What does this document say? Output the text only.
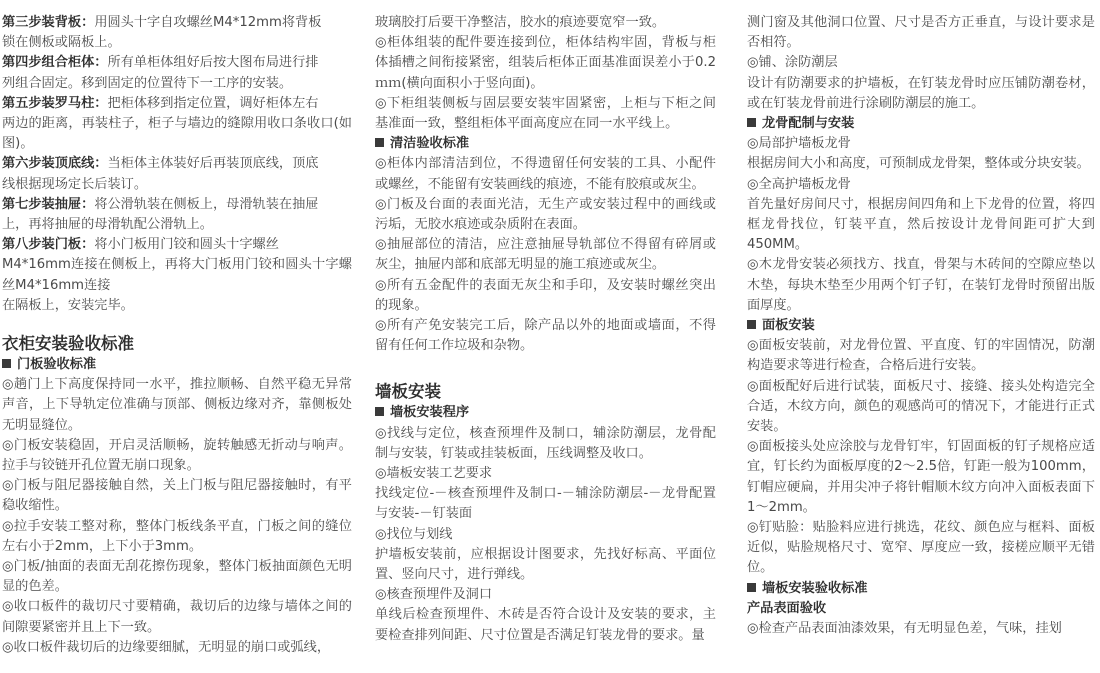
第三步装背板：用圆头十字自攻螺丝M4*12mm将背板
锁在侧板或隔板上。

第四步组合柜体：所有单柜体组好后按大图布局进行排
列组合固定。移到固定的位置待下一工序的安装。

第五步装罗马柱：把柜体移到指定位置，调好柜体左右
两边的距离，再装柱子，柜子与墙边的缝隙用收口条收口(如图)。

第六步装顶底线：当柜体主体装好后再装顶底线，顶底
线根据现场定长后装订。

第七步装抽屉：将公滑轨装在侧板上，母滑轨装在抽屉
上，再将抽屉的母滑轨配公滑轨上。

第八步装门板：将小门板用门铰和圆头十字螺丝
M4*16mm连接在侧板上，再将大门板用门铰和圆头十字螺丝M4*16mm连接
在隔板上，安装完毕。

衣柜安装验收标准
门板验收标准

◎趟门上下高度保持同一水平，推拉顺畅、自然平稳无异常声音，上下导轨定位准确与顶部、侧板边缘对齐，靠侧板处无明显缝位。

◎门板安装稳固，开启灵活顺畅，旋转触感无折动与响声。拉手与铰链开孔位置无崩口现象。

◎门板与阻尼器接触自然，关上门板与阻尼器接触时，有平稳收缩性。

◎拉手安装工整对称，整体门板线条平直，门板之间的缝位左右小于2mm，上下小于3mm。

◎门板/抽面的表面无刮花擦伤现象，整体门板抽面颜色无明显的色差。

◎收口板件的裁切尺寸要精确，裁切后的边缘与墙体之间的间隙要紧密并且上下一致。

◎收口板件裁切后的边缘要细腻，无明显的崩口或弧线，

玻璃胶打后要干净整洁，胶水的痕迹要宽窄一致。

◎柜体组装的配件要连接到位，柜体结构牢固，背板与柜体插槽之间衔接紧密，组装后柜体正面基准面误差小于0.2ｍｍ(横向面积小于竖向面)。

◎下柜组装侧板与固层要安装牢固紧密，上柜与下柜之间基准面一致，整组柜体平面高度应在同一水平线上。

清洁验收标准

◎柜体内部清洁到位，不得遗留任何安装的工具、小配件或螺丝，不能留有安装画线的痕迹，不能有胶痕或灰尘。

◎门板及台面的表面光洁，无生产或安装过程中的画线或污垢，无胶水痕迹或杂质附在表面。

◎抽屉部位的清洁，应注意抽屉导轨部位不得留有碎屑或灰尘，抽屉内部和底部无明显的施工痕迹或灰尘。

◎所有五金配件的表面无灰尘和手印，及安装时螺丝突出的现象。

◎所有产免安装完工后，除产品以外的地面或墙面，不得留有任何工作垃圾和杂物。

墙板安装
墙板安装程序

◎找线与定位，核查预埋件及制口，辅涂防潮层，龙骨配制与安装，钉装或挂装板面，压线调整及收口。

◎墙板安装工艺要求

找线定位-－核查预埋件及制口-－辅涂防潮层-－龙骨配置与安装-－钉装面

◎找位与划线

护墙板安装前，应根据设计图要求，先找好标高、平面位置、竖向尺寸，进行弹线。

◎核查预埋件及洞口

单线后检查预埋件、木砖是否符合设计及安装的要求，主要检查排列间距、尺寸位置是否满足钉装龙骨的要求。量

测门窗及其他洞口位置、尺寸是否方正垂直，与设计要求是否相符。

◎铺、涂防潮层

设计有防潮要求的护墙板，在钉装龙骨时应压铺防潮卷材，或在钉装龙骨前进行涂刷防潮层的施工。

龙骨配制与安装

◎局部护墙板龙骨

根据房间大小和高度，可预制成龙骨架，整体或分块安装。

◎全高护墙板龙骨

首先量好房间尺寸，根据房间四角和上下龙骨的位置，将四框龙骨找位，钉装平直，然后按设计龙骨间距可扩大到450MM。

◎木龙骨安装必须找方、找直，骨架与木砖间的空隙应垫以木垫，每块木垫至少用两个钉子钉，在装钉龙骨时预留出版面厚度。

面板安装

◎面板安装前，对龙骨位置、平直度、钉的牢固情况，防潮构造要求等进行检查，合格后进行安装。

◎面板配好后进行试装，面板尺寸、接缝、接头处构造完全合适，木纹方向，颜色的观感尚可的情况下，才能进行正式安装。

◎面板接头处应涂胶与龙骨钉牢，钉固面板的钉子规格应适宜，钉长约为面板厚度的2～2.5倍，钉距一般为100mm，钉帽应硬扁，并用尖冲子将针帽顺木纹方向冲入面板表面下1～2mm。

◎钉贴脸：贴脸料应进行挑选，花纹、颜色应与框料、面板近似，贴脸规格尺寸、宽窄、厚度应一致，接槎应顺平无错位。

墙板安装验收标准
产品表面验收

◎检查产品表面油漆效果，有无明显色差，气味，挂划
